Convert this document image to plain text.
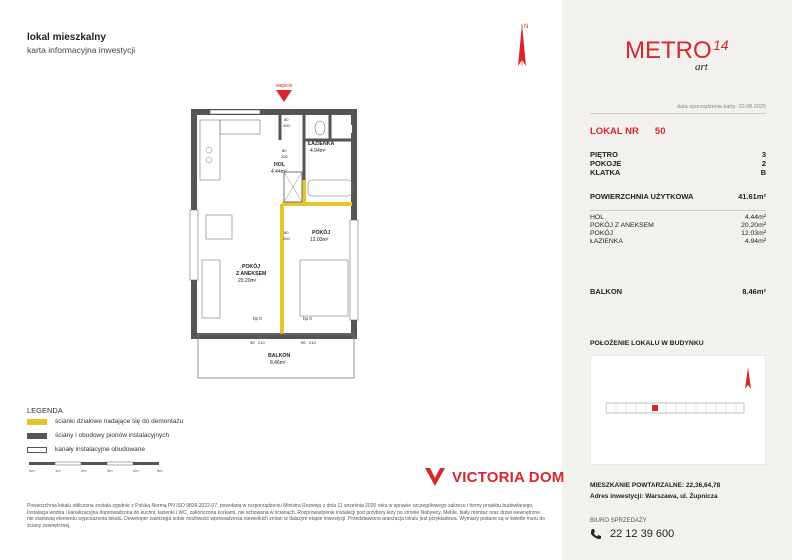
lokal mieszkalny
karta informacyjna inwestycji
N
wejście
ŁAZIENKA
4.94m²
HOL
4.44m²
POKÓJ
12.03m²
POKÓJ
Z ANEKSEM
20.20m²
BALKON
8.46m²
80
200
80
200
80
200
hp 0	hp 0
90 210	90 210
LEGENDA
ścianki działowe nadające się do demontażu
ściany i obudowy pionów instalacyjnych
kanały instalacyjne obudowane
0m	1m	2m	3m	4m	5m	VICTORIA DOM
Powierzchnia lokalu obliczona zostala zgodnie z Polską Normą PN ISO 9836:2022-07, powołaną w rozporządzeniu Ministra Rozwoju z dnia 11 września 2020 roku w sprawie szczegółowego zakresu i formy projektu budowlanego. Instalacja wodna i kanalizacyjna doprowadzona do kuchni, łazienki i WC, zakończona korkami, nie schowana w ścianach. Rozprowadzenie instalacji pod przybory leży po stronie Nabywcy. Meble, biały montaż oraz drzwi wewnętrzne nie stanowią elementu wyposażenia lokalu. Deweloper zastrzega sobie możliwość wprowadzenia niewielkich zmian w dalszym etapie inwestycji. Przedstawiona aranżacja lokalu jest przykładowa. Wymiary podane są w świetle muru do ściany zewnętrznej.
METRO 14
art
data sporządzenia karty: 20.08.2025
LOKAL NR 50
PIĘTRO	3
POKOJE	2
KLATKA	B
POWIERZCHNIA UŻYTKOWA	41.61m²
HOL	4.44m²
POKÓJ Z ANEKSEM	20.20m²
POKÓJ	12.03m²
ŁAZIENKA	4.94m²
BALKON	8.46m²
POŁOŻENIE LOKALU W BUDYNKU
MIESZKANIE POWTARZALNE: 22,36,64,78
Adres inwestycji: Warszawa, ul. Żupnicza
BIURO SPRZEDAŻY
22 12 39 600
